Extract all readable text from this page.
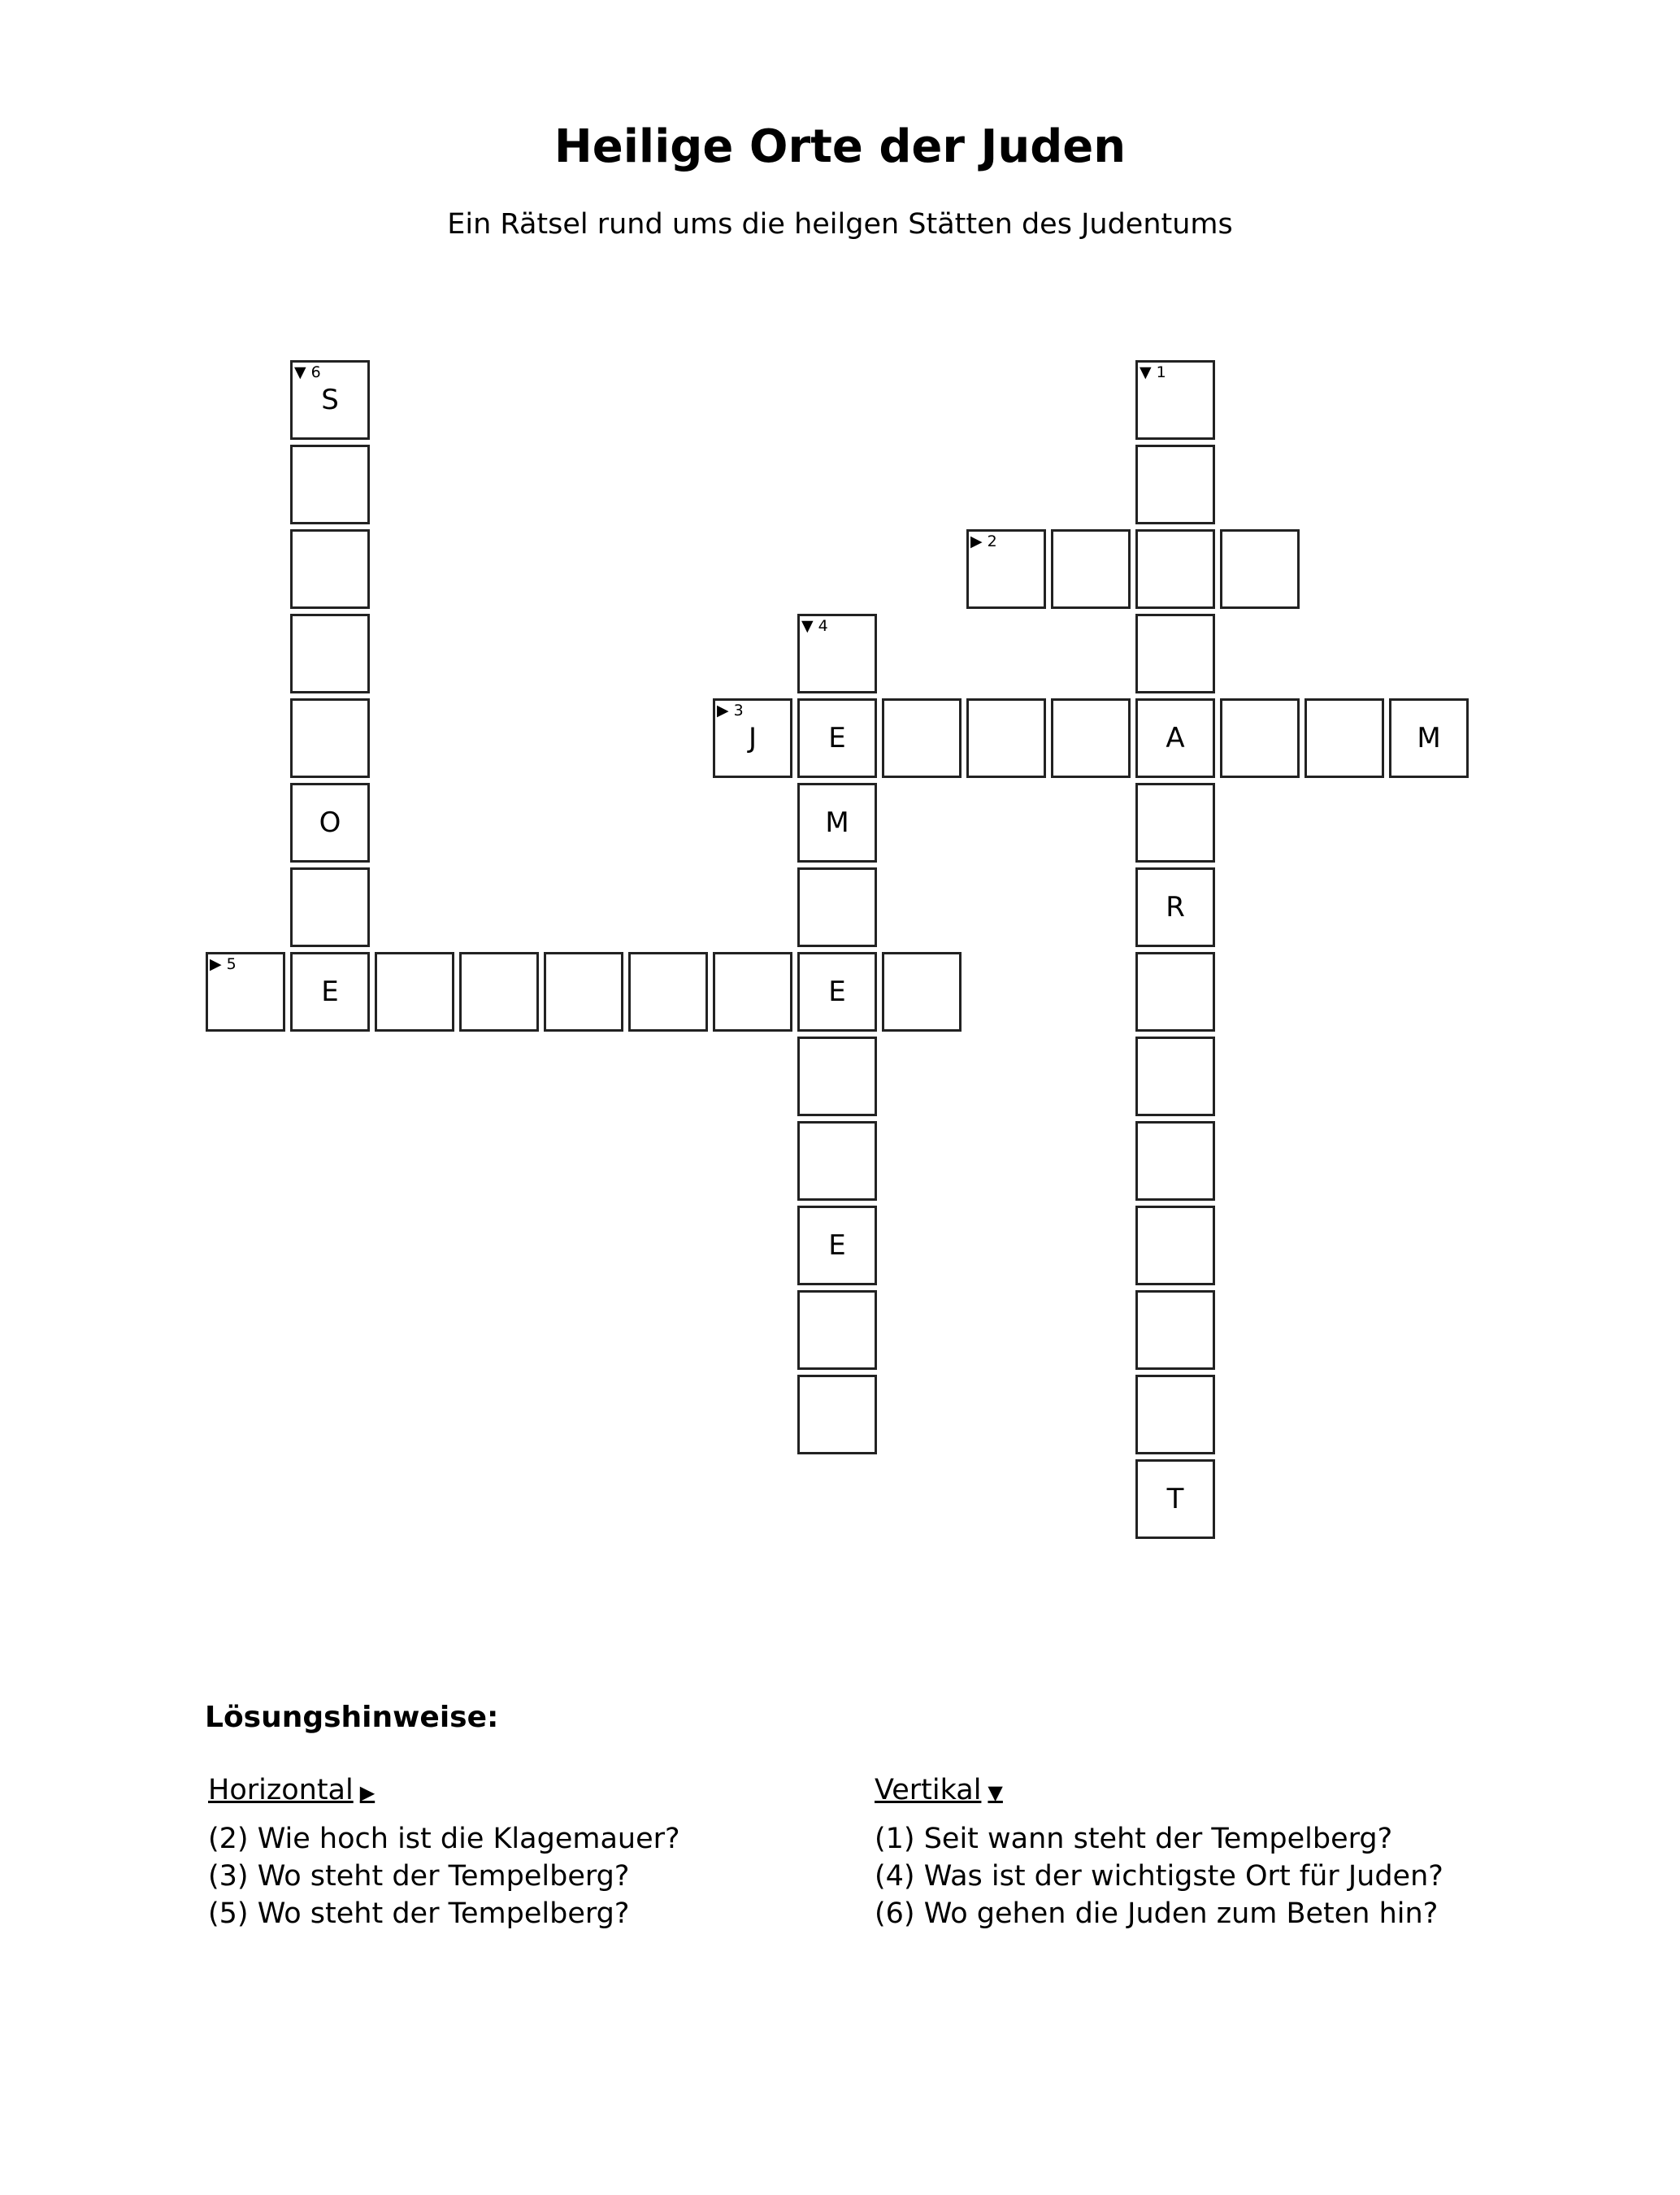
Heilige Orte der Juden
Ein Rätsel rund ums die heilgen Stätten des Judentums
▼ 1
A
R
T
▶ 2
▶ 3
J	E	M
▼ 4
M
E
E
▶ 5
E
▼ 6
S
O
Lösungshinweise:
Horizontal ▶
(2) Wie hoch ist die Klagemauer?
(3) Wo steht der Tempelberg?
(5) Wo steht der Tempelberg?
Vertikal ▼
(1) Seit wann steht der Tempelberg?
(4) Was ist der wichtigste Ort für Juden?
(6) Wo gehen die Juden zum Beten hin?
